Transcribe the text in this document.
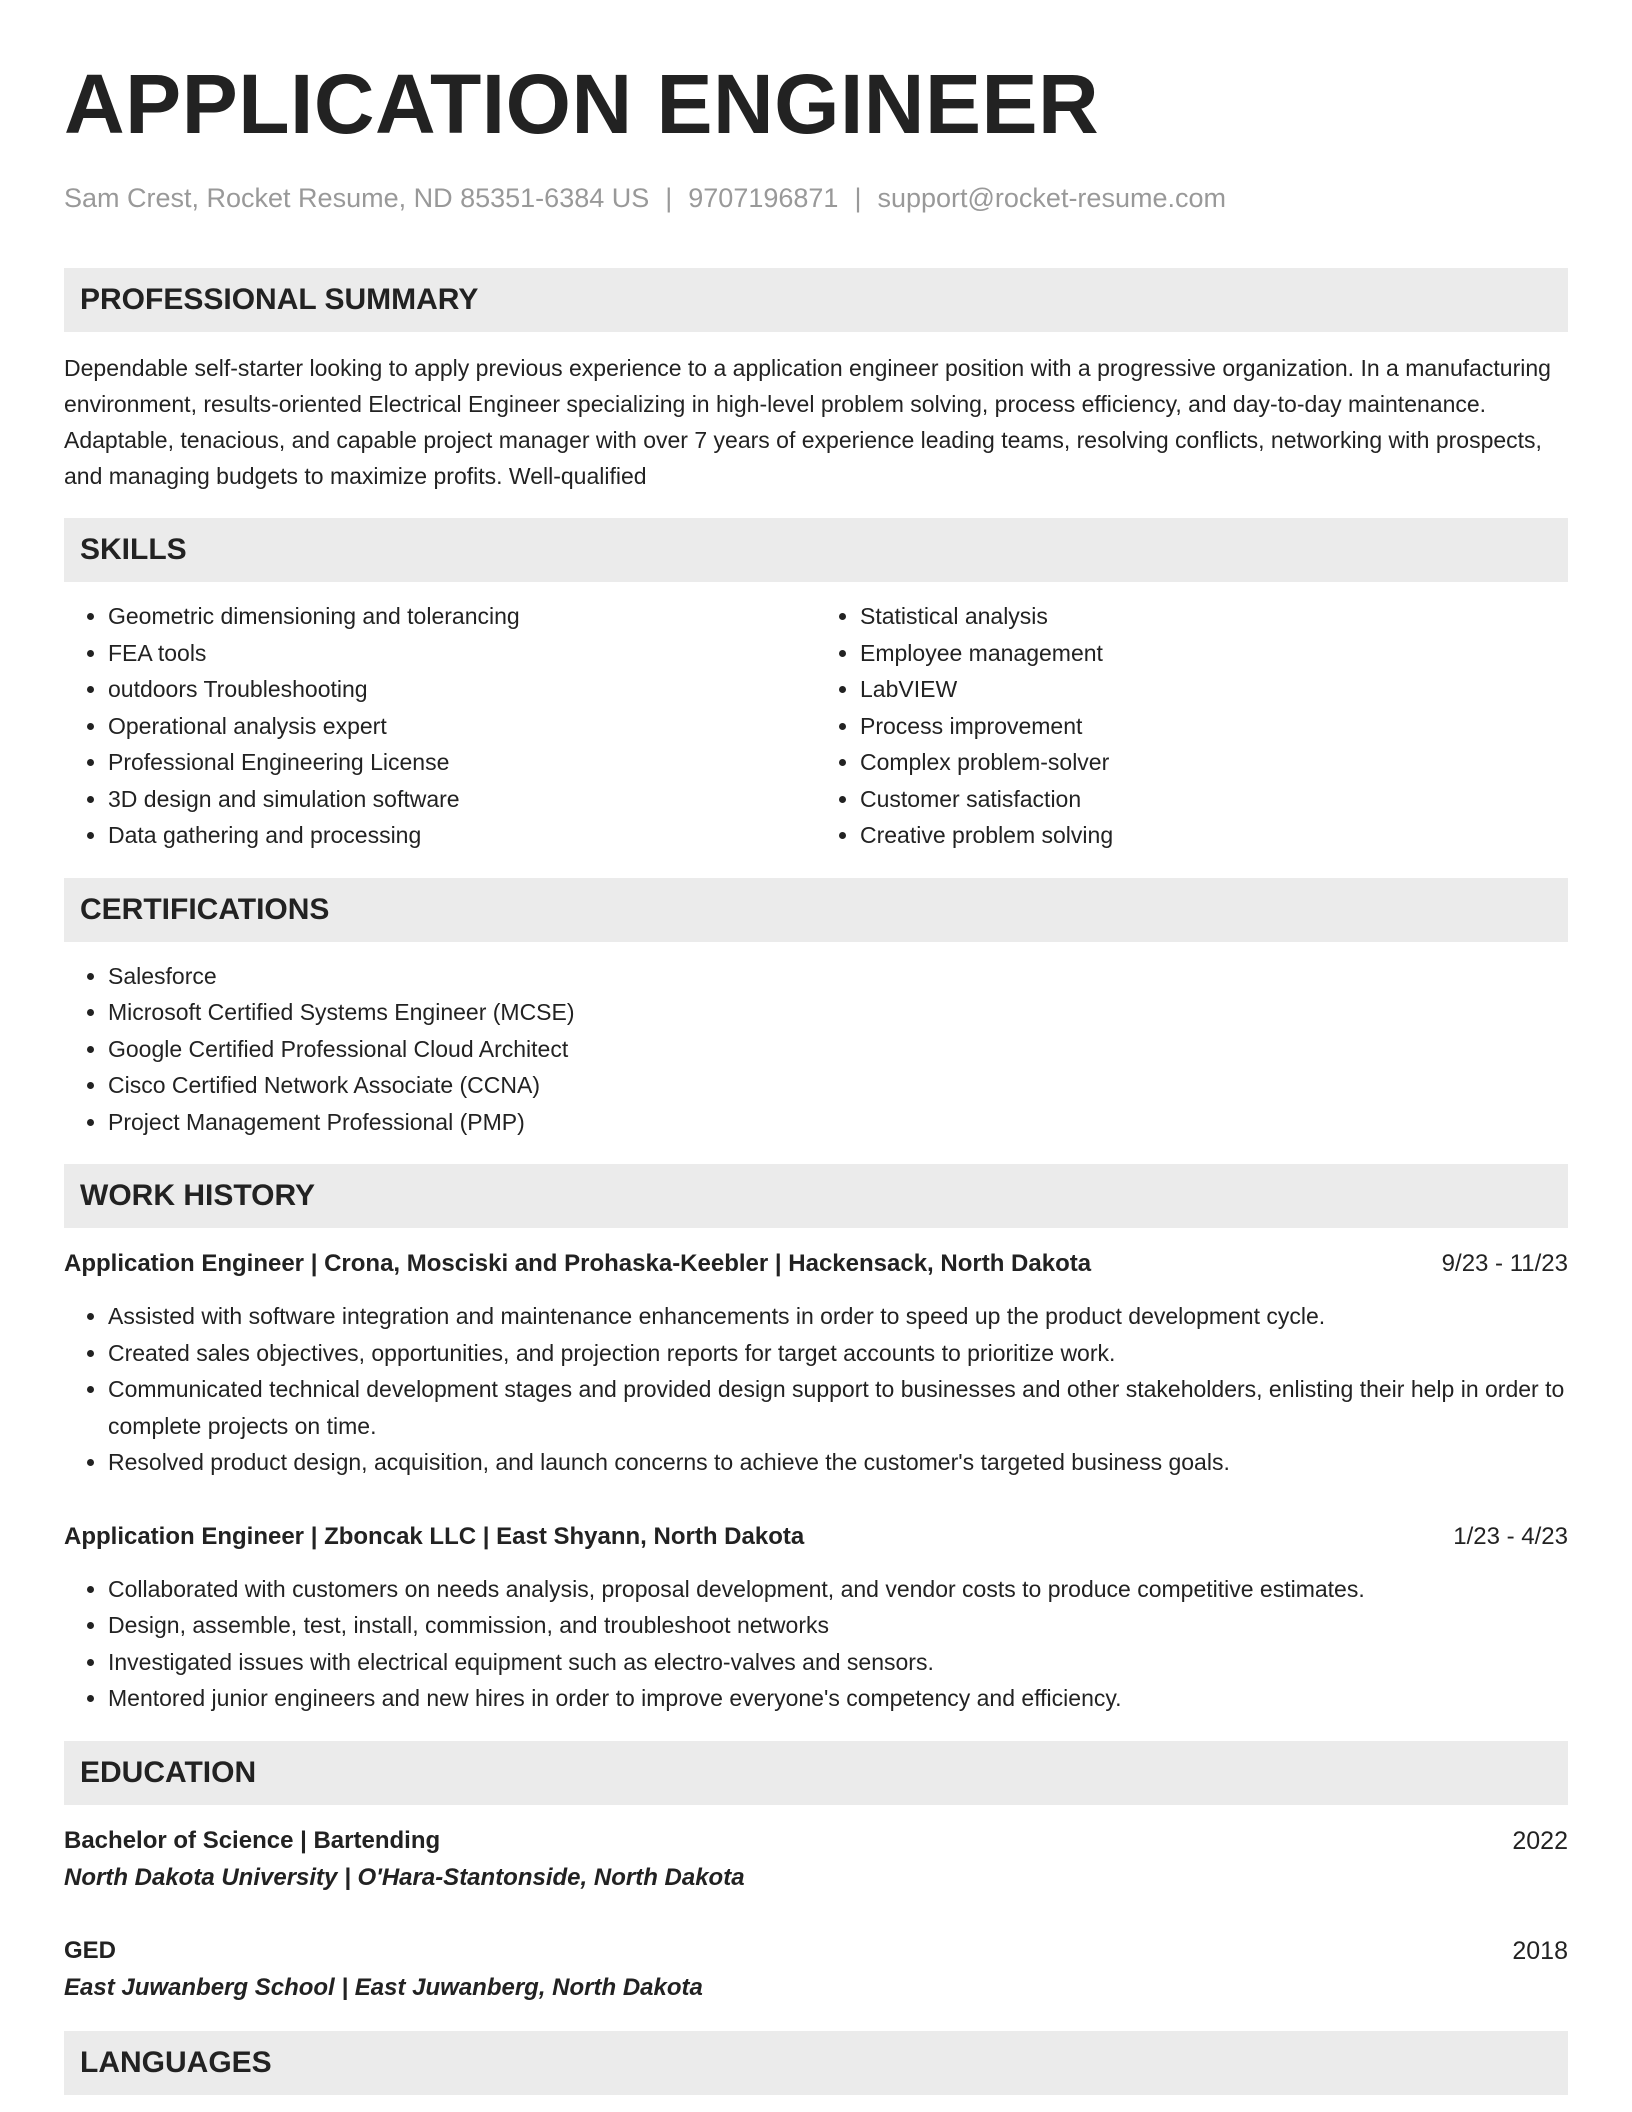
APPLICATION ENGINEER
Sam Crest, Rocket Resume, ND 85351-6384 US | 9707196871 | support@rocket-resume.com
PROFESSIONAL SUMMARY

Dependable self-starter looking to apply previous experience to a application engineer position with a progressive organization. In a manufacturing environment, results-oriented Electrical Engineer specializing in high-level problem solving, process efficiency, and day-to-day maintenance. Adaptable, tenacious, and capable project manager with over 7 years of experience leading teams, resolving conflicts, networking with prospects, and managing budgets to maximize profits. Well-qualified

SKILLS
• Geometric dimensioning and tolerancing
• FEA tools
• outdoors Troubleshooting
• Operational analysis expert
• Professional Engineering License
• 3D design and simulation software
• Data gathering and processing
• Statistical analysis
• Employee management
• LabVIEW
• Process improvement
• Complex problem-solver
• Customer satisfaction
• Creative problem solving
CERTIFICATIONS
• Salesforce
• Microsoft Certified Systems Engineer (MCSE)
• Google Certified Professional Cloud Architect
• Cisco Certified Network Associate (CCNA)
• Project Management Professional (PMP)
WORK HISTORY
Application Engineer | Crona, Mosciski and Prohaska-Keebler | Hackensack, North Dakota	9/23 - 11/23
• Assisted with software integration and maintenance enhancements in order to speed up the product development cycle.
• Created sales objectives, opportunities, and projection reports for target accounts to prioritize work.
• Communicated technical development stages and provided design support to businesses and other stakeholders, enlisting their help in order to complete projects on time.
• Resolved product design, acquisition, and launch concerns to achieve the customer's targeted business goals.
Application Engineer | Zboncak LLC | East Shyann, North Dakota	1/23 - 4/23
• Collaborated with customers on needs analysis, proposal development, and vendor costs to produce competitive estimates.
• Design, assemble, test, install, commission, and troubleshoot networks
• Investigated issues with electrical equipment such as electro-valves and sensors.
• Mentored junior engineers and new hires in order to improve everyone's competency and efficiency.
EDUCATION
Bachelor of Science | Bartending	2022
North Dakota University | O'Hara-Stantonside, North Dakota
GED	2018
East Juwanberg School | East Juwanberg, North Dakota
LANGUAGES
